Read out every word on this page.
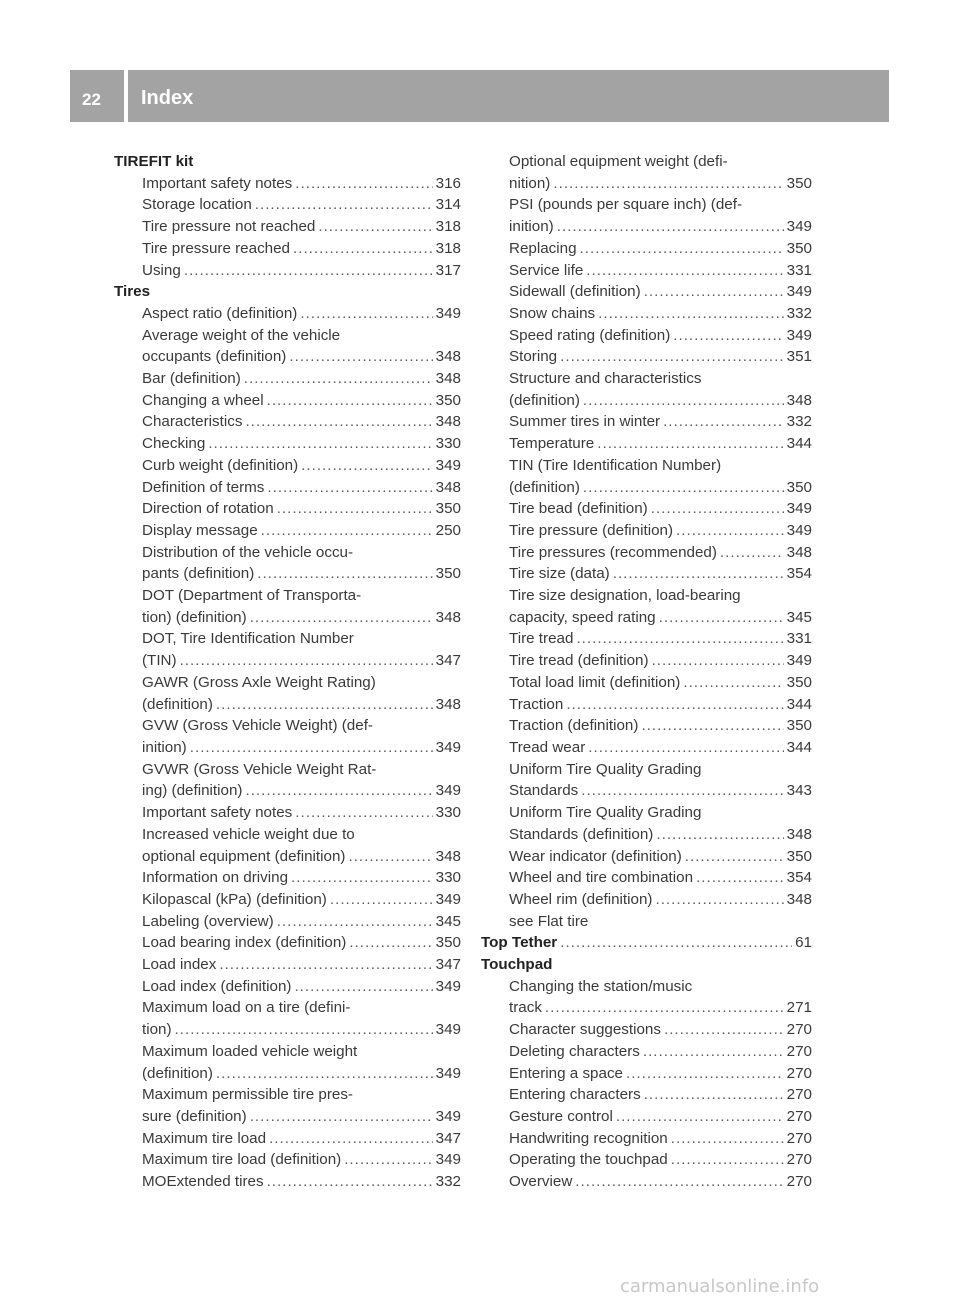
22	Index
TIREFIT kit
Important safety notes .....	316
Storage location .....	314
Tire pressure not reached .....	318
Tire pressure reached .....	318
Using .....	317
Tires
Aspect ratio (definition) .....	349
Average weight of the vehicle
occupants (definition) .....	348
Bar (definition) .....	348
Changing a wheel .....	350
Characteristics .....	348
Checking .....	330
Curb weight (definition) .....	349
Definition of terms .....	348
Direction of rotation .....	350
Display message .....	250
Distribution of the vehicle occu-
pants (definition) .....	350
DOT (Department of Transporta-
tion) (definition) .....	348
DOT, Tire Identification Number
(TIN) .....	347
GAWR (Gross Axle Weight Rating)
(definition) .....	348
GVW (Gross Vehicle Weight) (def-
inition) .....	349
GVWR (Gross Vehicle Weight Rat-
ing) (definition) .....	349
Important safety notes .....	330
Increased vehicle weight due to
optional equipment (definition) .....	348
Information on driving .....	330
Kilopascal (kPa) (definition) .....	349
Labeling (overview) .....	345
Load bearing index (definition) .....	350
Load index .....	347
Load index (definition) .....	349
Maximum load on a tire (defini-
tion) .....	349
Maximum loaded vehicle weight
(definition) .....	349
Maximum permissible tire pres-
sure (definition) .....	349
Maximum tire load .....	347
Maximum tire load (definition) .....	349
MOExtended tires .....	332
Optional equipment weight (defi-
nition) .....	350
PSI (pounds per square inch) (def-
inition) .....	349
Replacing .....	350
Service life .....	331
Sidewall (definition) .....	349
Snow chains .....	332
Speed rating (definition) .....	349
Storing .....	351
Structure and characteristics
(definition) .....	348
Summer tires in winter .....	332
Temperature .....	344
TIN (Tire Identification Number)
(definition) .....	350
Tire bead (definition) .....	349
Tire pressure (definition) .....	349
Tire pressures (recommended) .....	348
Tire size (data) .....	354
Tire size designation, load-bearing
capacity, speed rating .....	345
Tire tread .....	331
Tire tread (definition) .....	349
Total load limit (definition) .....	350
Traction .....	344
Traction (definition) .....	350
Tread wear .....	344
Uniform Tire Quality Grading
Standards .....	343
Uniform Tire Quality Grading
Standards (definition) .....	348
Wear indicator (definition) .....	350
Wheel and tire combination .....	354
Wheel rim (definition) .....	348
see Flat tire
Top Tether .....	61
Touchpad
Changing the station/music
track .....	271
Character suggestions .....	270
Deleting characters .....	270
Entering a space .....	270
Entering characters .....	270
Gesture control .....	270
Handwriting recognition .....	270
Operating the touchpad .....	270
Overview .....	270
carmanualsonline.info
